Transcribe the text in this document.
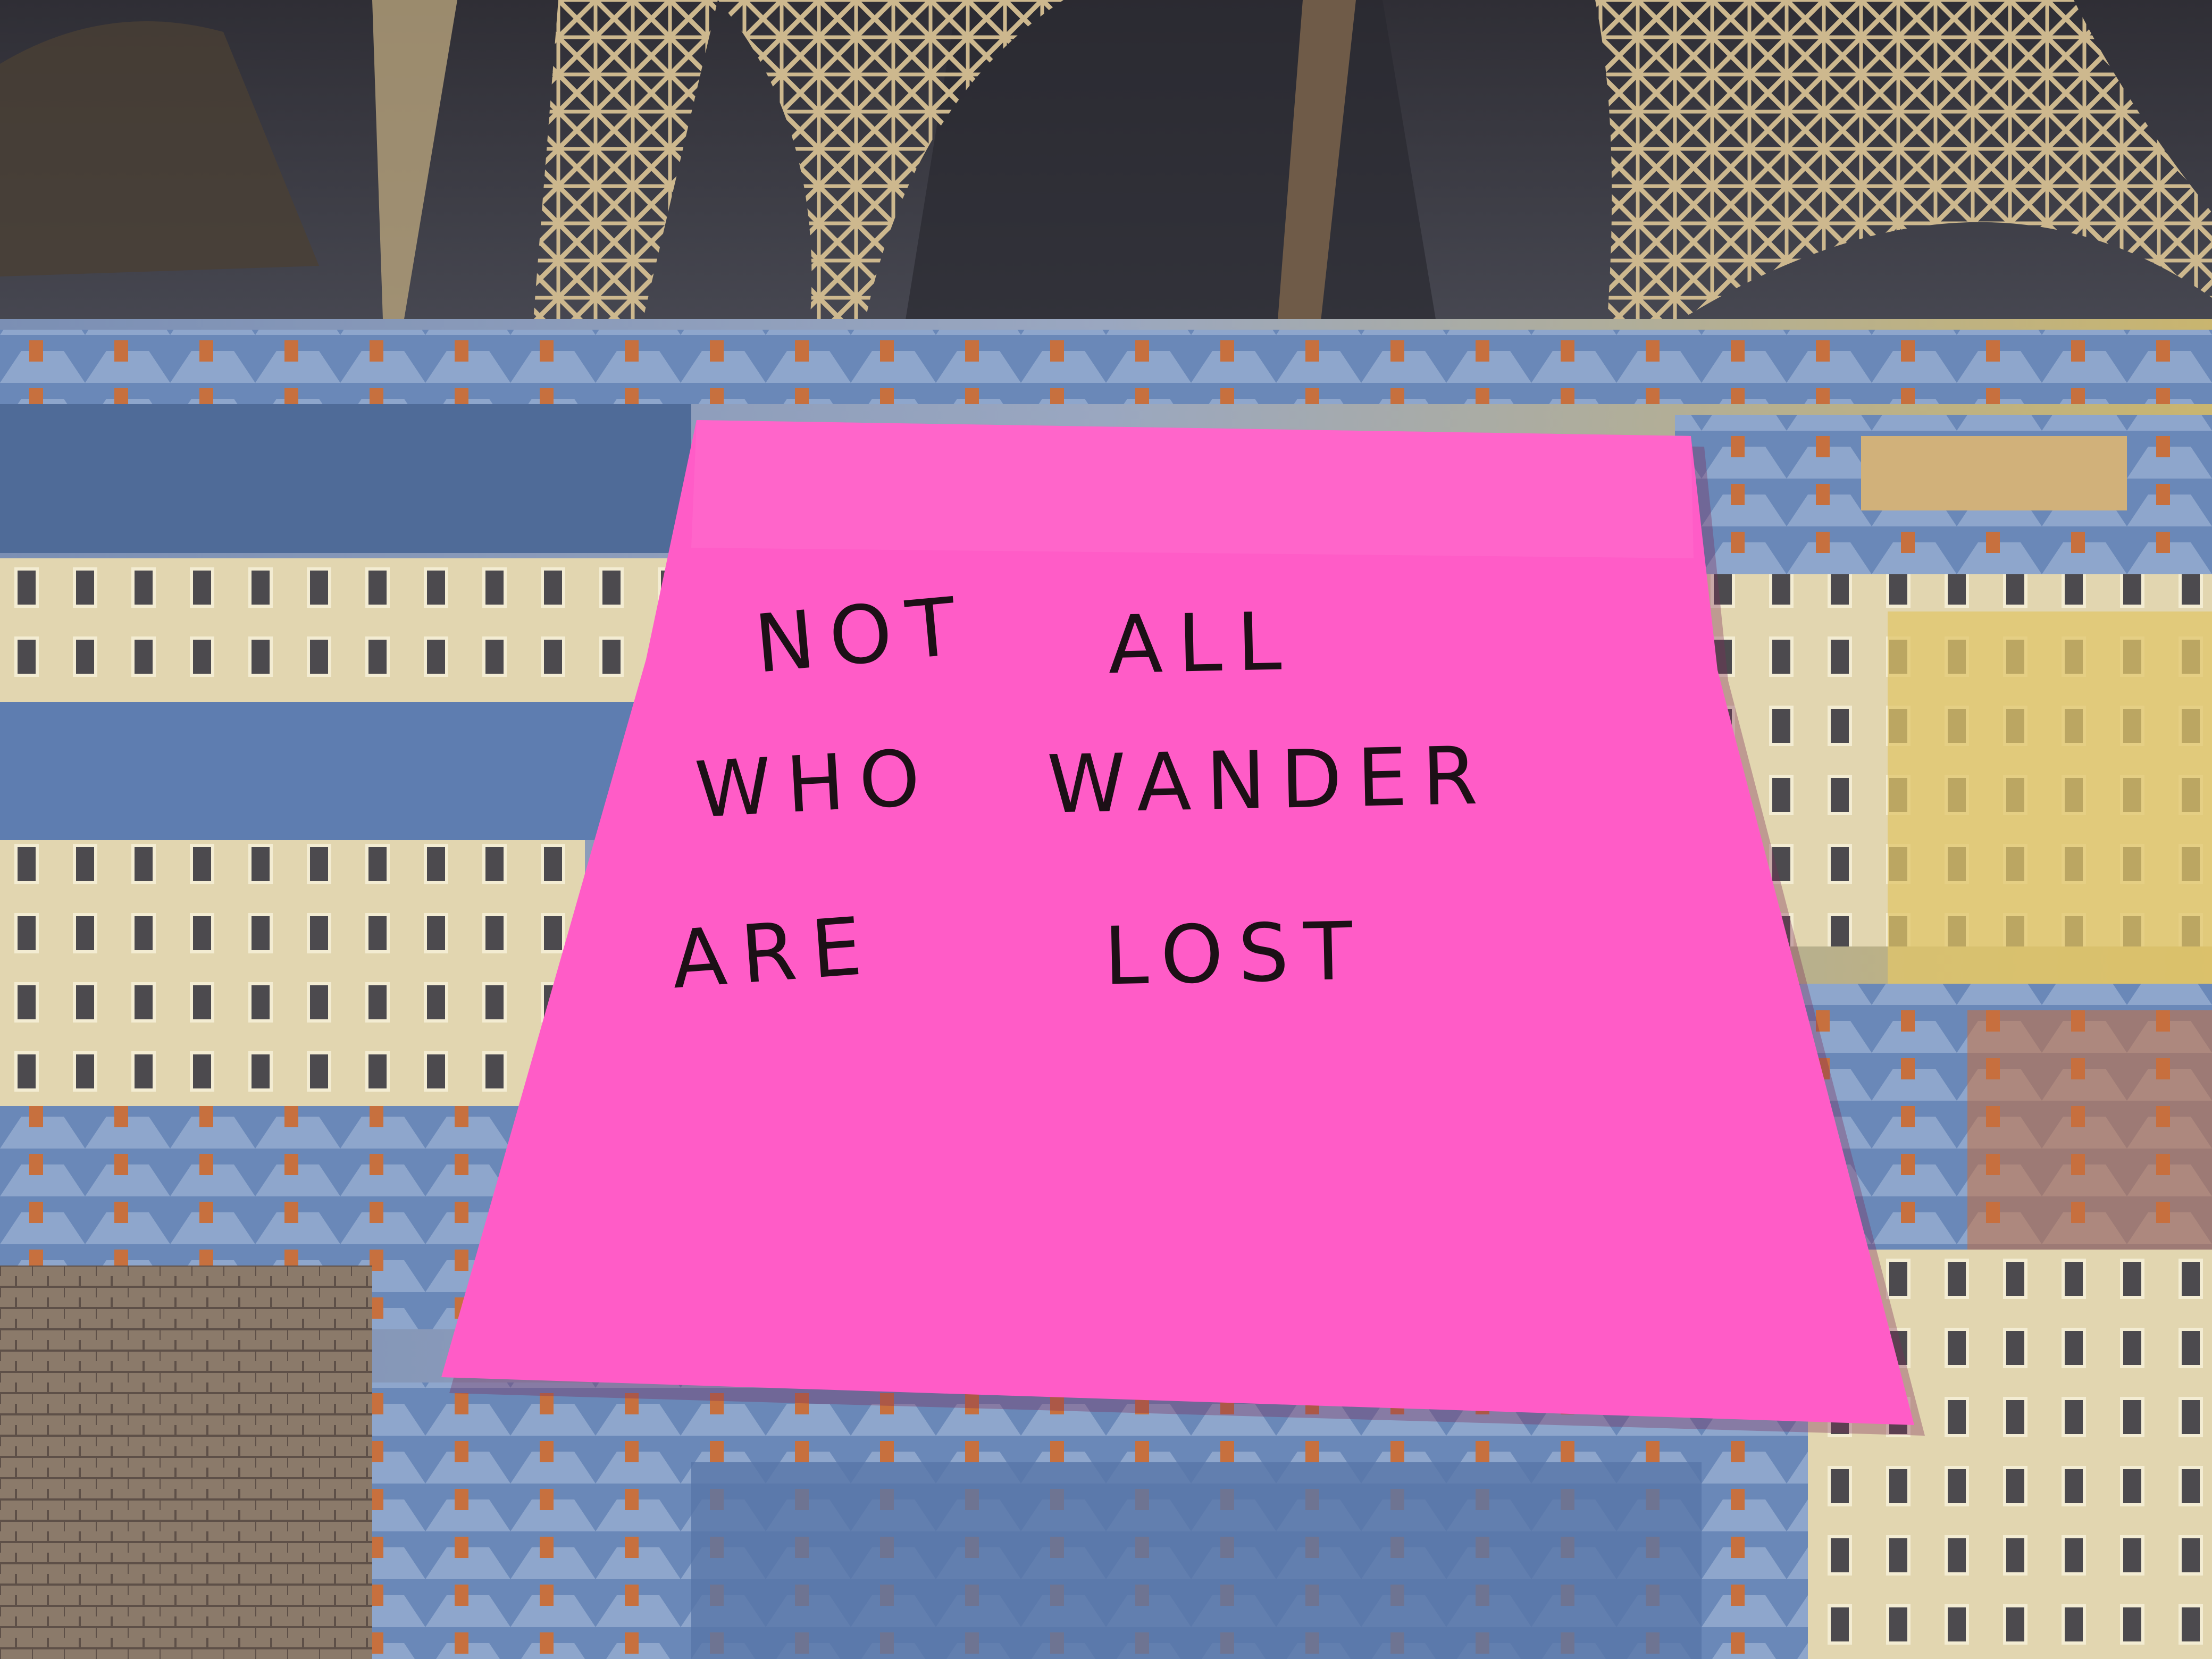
NOT ALL
WHO WANDER
ARE	LOST
